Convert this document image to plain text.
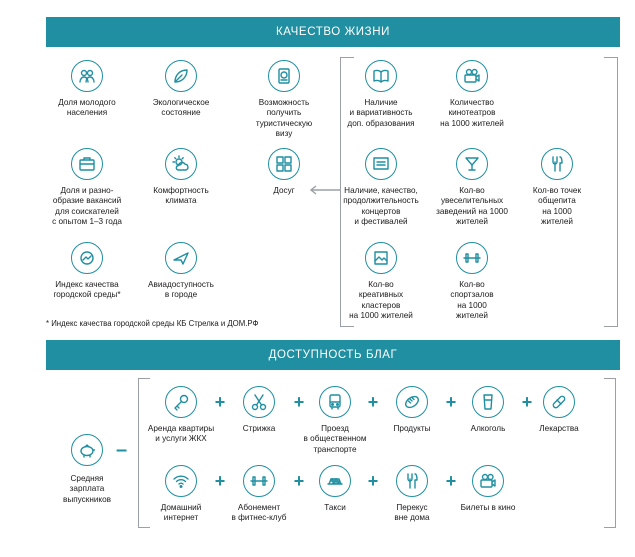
КАЧЕСТВО ЖИЗНИ
ДОСТУПНОСТЬ БЛАГ
Доля молодого
населения
Экологическое
состояние
Возможность
получить
туристическую
визу
Доля и разно-
образие вакансий
для соискателей
с опытом 1–3 года
Комфортность
климата
Досуг
Индекс качества
городской среды*
Авиадоступность
в городе
Наличие
и вариативность
доп. образования
Количество
кинотеатров
на 1000 жителей
Наличие, качество,
продолжительность
концертов
и фестивалей
Кол-во
увеселительных
заведений на 1000
жителей
Кол-во точек
общепита
на 1000
жителей
Кол-во
креативных
кластеров
на 1000 жителей
Кол-во
спортзалов
на 1000
жителей
* Индекс качества городской среды КБ Стрелка и ДОМ.РФ
Средняя
зарплата
выпускников
–
Аренда квартиры
и услуги ЖКХ
+
Стрижка
+
Проезд
в общественном
транспорте
+
Продукты
+
Алкоголь
+
Лекарства
Домашний
интернет
+
Абонемент
в фитнес-клуб
+
Такси
+
Перекус
вне дома
+
Билеты в кино
